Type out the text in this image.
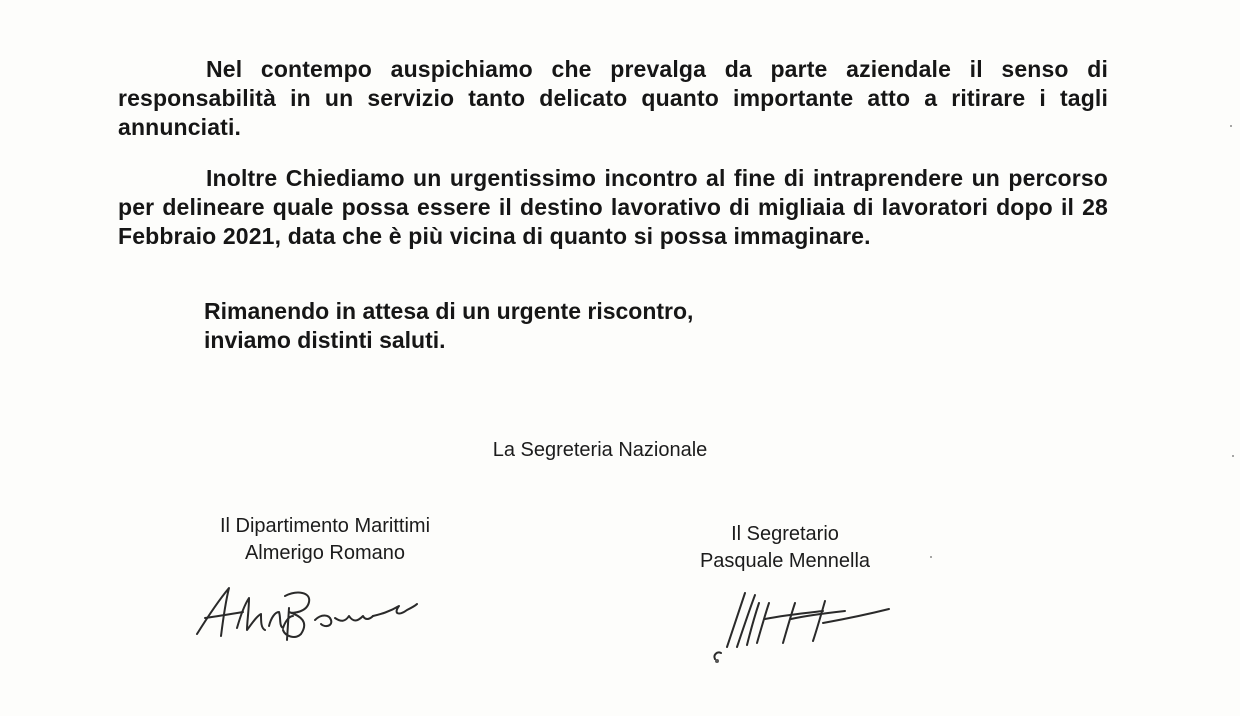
Nel contempo auspichiamo che prevalga da parte aziendale il senso di responsabilità in un servizio tanto delicato quanto importante atto a ritirare i tagli annunciati.

Inoltre Chiediamo un urgentissimo incontro al fine di intraprendere un percorso per delineare quale possa essere il destino lavorativo di migliaia di lavoratori dopo il 28 Febbraio 2021, data che è più vicina di quanto si possa immaginare.

Rimanendo in attesa di un urgente riscontro,
inviamo distinti saluti.

La Segreteria Nazionale
Il Dipartimento Marittimi
Almerigo Romano
Il Segretario
Pasquale Mennella
